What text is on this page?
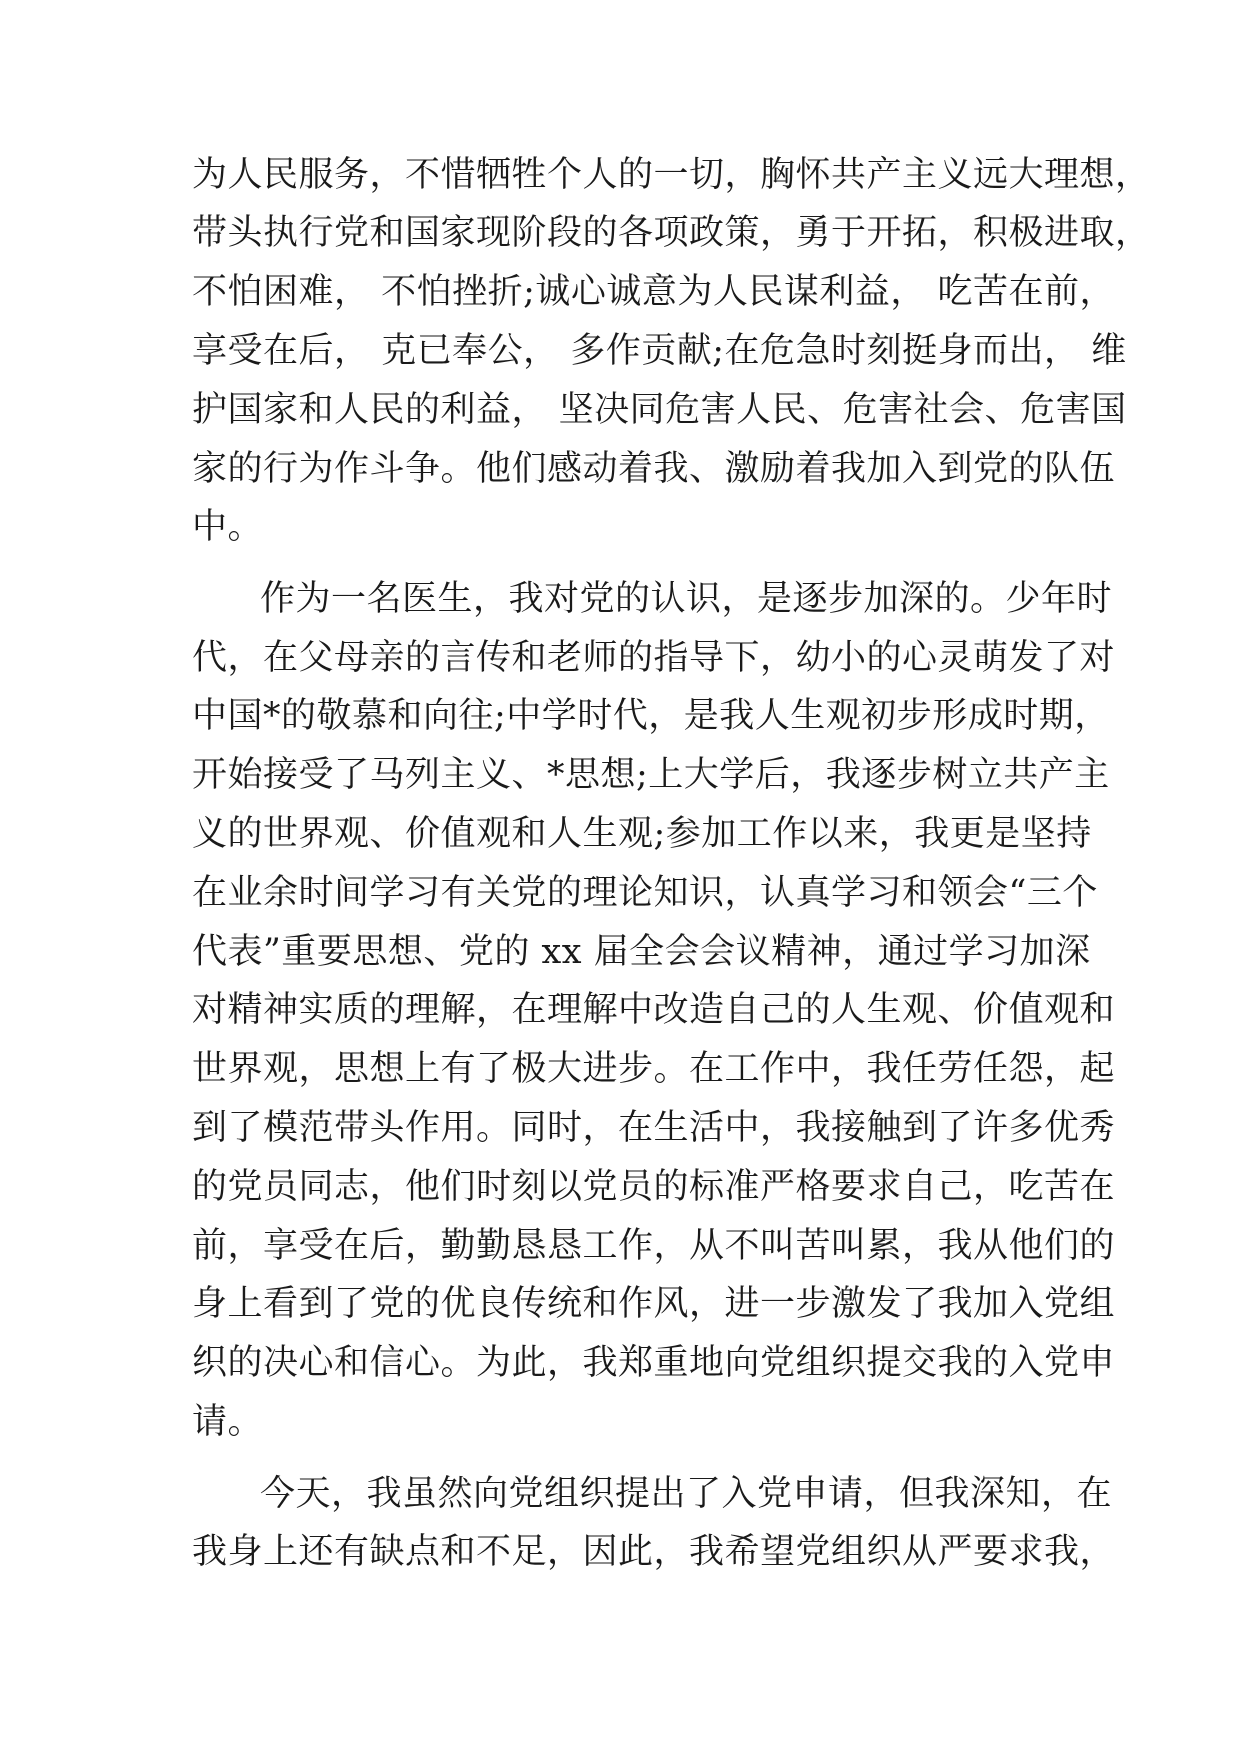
为人民服务，不惜牺牲个人的一切，胸怀共产主义远大理想，
带头执行党和国家现阶段的各项政策，勇于开拓，积极进取，
不怕困难， 不怕挫折;诚心诚意为人民谋利益， 吃苦在前，
享受在后， 克已奉公， 多作贡献;在危急时刻挺身而出， 维
护国家和人民的利益， 坚决同危害人民、危害社会、危害国
家的行为作斗争。他们感动着我、激励着我加入到党的队伍
中。
作为一名医生，我对党的认识，是逐步加深的。少年时
代，在父母亲的言传和老师的指导下，幼小的心灵萌发了对
中国*的敬慕和向往;中学时代，是我人生观初步形成时期，
开始接受了马列主义、*思想;上大学后，我逐步树立共产主
义的世界观、价值观和人生观;参加工作以来，我更是坚持
在业余时间学习有关党的理论知识，认真学习和领会“三个
代表”重要思想、党的 xx 届全会会议精神，通过学习加深
对精神实质的理解，在理解中改造自己的人生观、价值观和
世界观，思想上有了极大进步。在工作中，我任劳任怨，起
到了模范带头作用。同时，在生活中，我接触到了许多优秀
的党员同志，他们时刻以党员的标准严格要求自己，吃苦在
前，享受在后，勤勤恳恳工作，从不叫苦叫累，我从他们的
身上看到了党的优良传统和作风，进一步激发了我加入党组
织的决心和信心。为此，我郑重地向党组织提交我的入党申
请。
今天，我虽然向党组织提出了入党申请，但我深知，在
我身上还有缺点和不足，因此，我希望党组织从严要求我，
